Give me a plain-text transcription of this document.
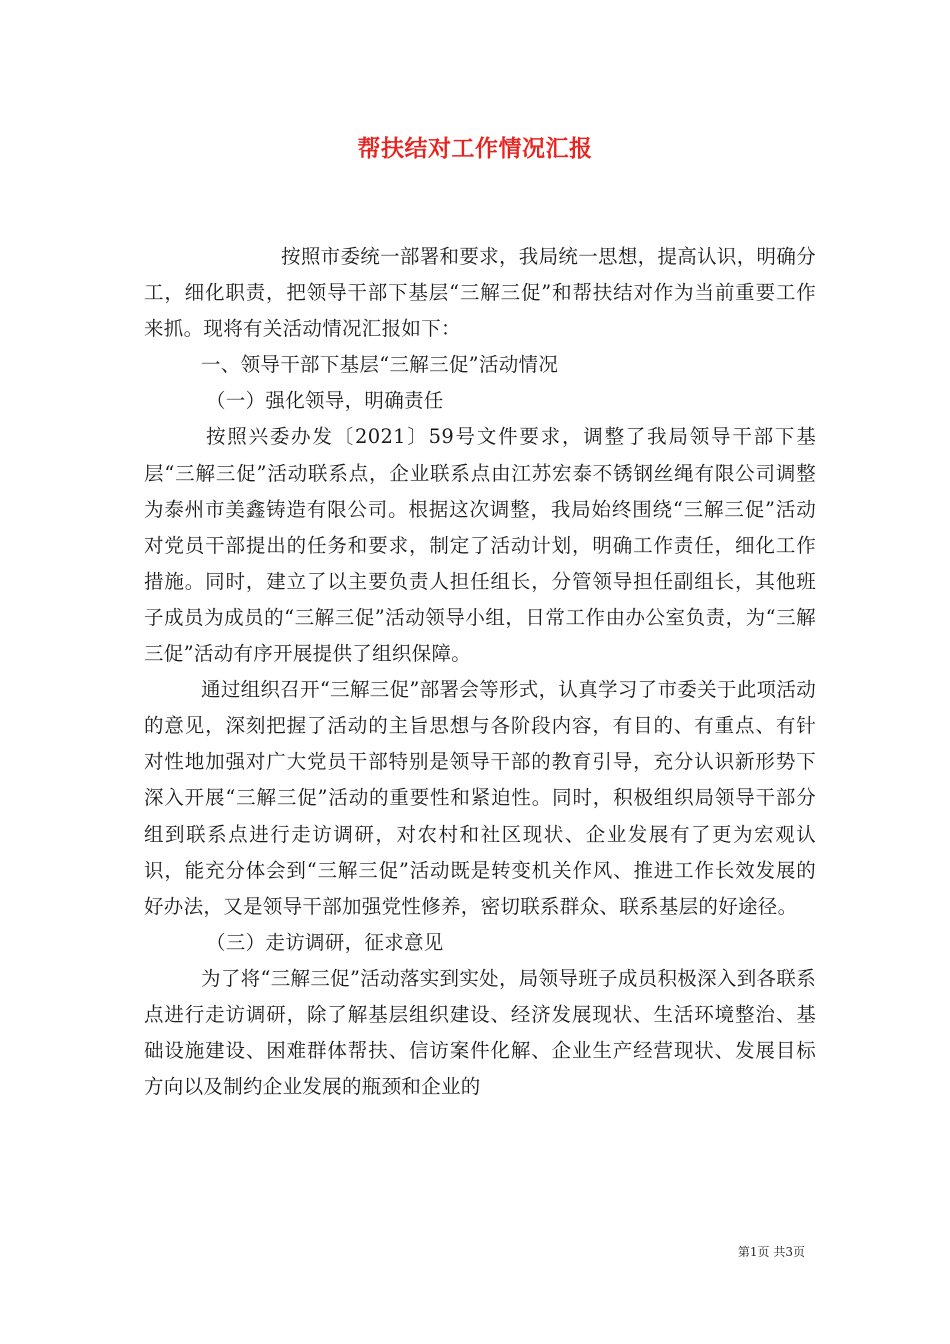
帮扶结对工作情况汇报

按照市委统一部署和要求，我局统一思想，提高认识，明确分工，细化职责，把领导干部下基层“三解三促”和帮扶结对作为当前重要工作来抓。现将有关活动情况汇报如下：

一、领导干部下基层“三解三促”活动情况

（一）强化领导，明确责任

按照兴委办发〔2021〕59号文件要求，调整了我局领导干部下基层“三解三促”活动联系点，企业联系点由江苏宏泰不锈钢丝绳有限公司调整为泰州市美鑫铸造有限公司。根据这次调整，我局始终围绕“三解三促”活动对党员干部提出的任务和要求，制定了活动计划，明确工作责任，细化工作措施。同时，建立了以主要负责人担任组长，分管领导担任副组长，其他班子成员为成员的“三解三促”活动领导小组，日常工作由办公室负责，为“三解三促”活动有序开展提供了组织保障。

通过组织召开“三解三促”部署会等形式，认真学习了市委关于此项活动的意见，深刻把握了活动的主旨思想与各阶段内容，有目的、有重点、有针对性地加强对广大党员干部特别是领导干部的教育引导，充分认识新形势下深入开展“三解三促”活动的重要性和紧迫性。同时，积极组织局领导干部分组到联系点进行走访调研，对农村和社区现状、企业发展有了更为宏观认识，能充分体会到“三解三促”活动既是转变机关作风、推进工作长效发展的好办法，又是领导干部加强党性修养，密切联系群众、联系基层的好途径。

（三）走访调研，征求意见

为了将“三解三促”活动落实到实处，局领导班子成员积极深入到各联系点进行走访调研，除了解基层组织建设、经济发展现状、生活环境整治、基础设施建设、困难群体帮扶、信访案件化解、企业生产经营现状、发展目标方向以及制约企业发展的瓶颈和企业的

第1页 共3页
